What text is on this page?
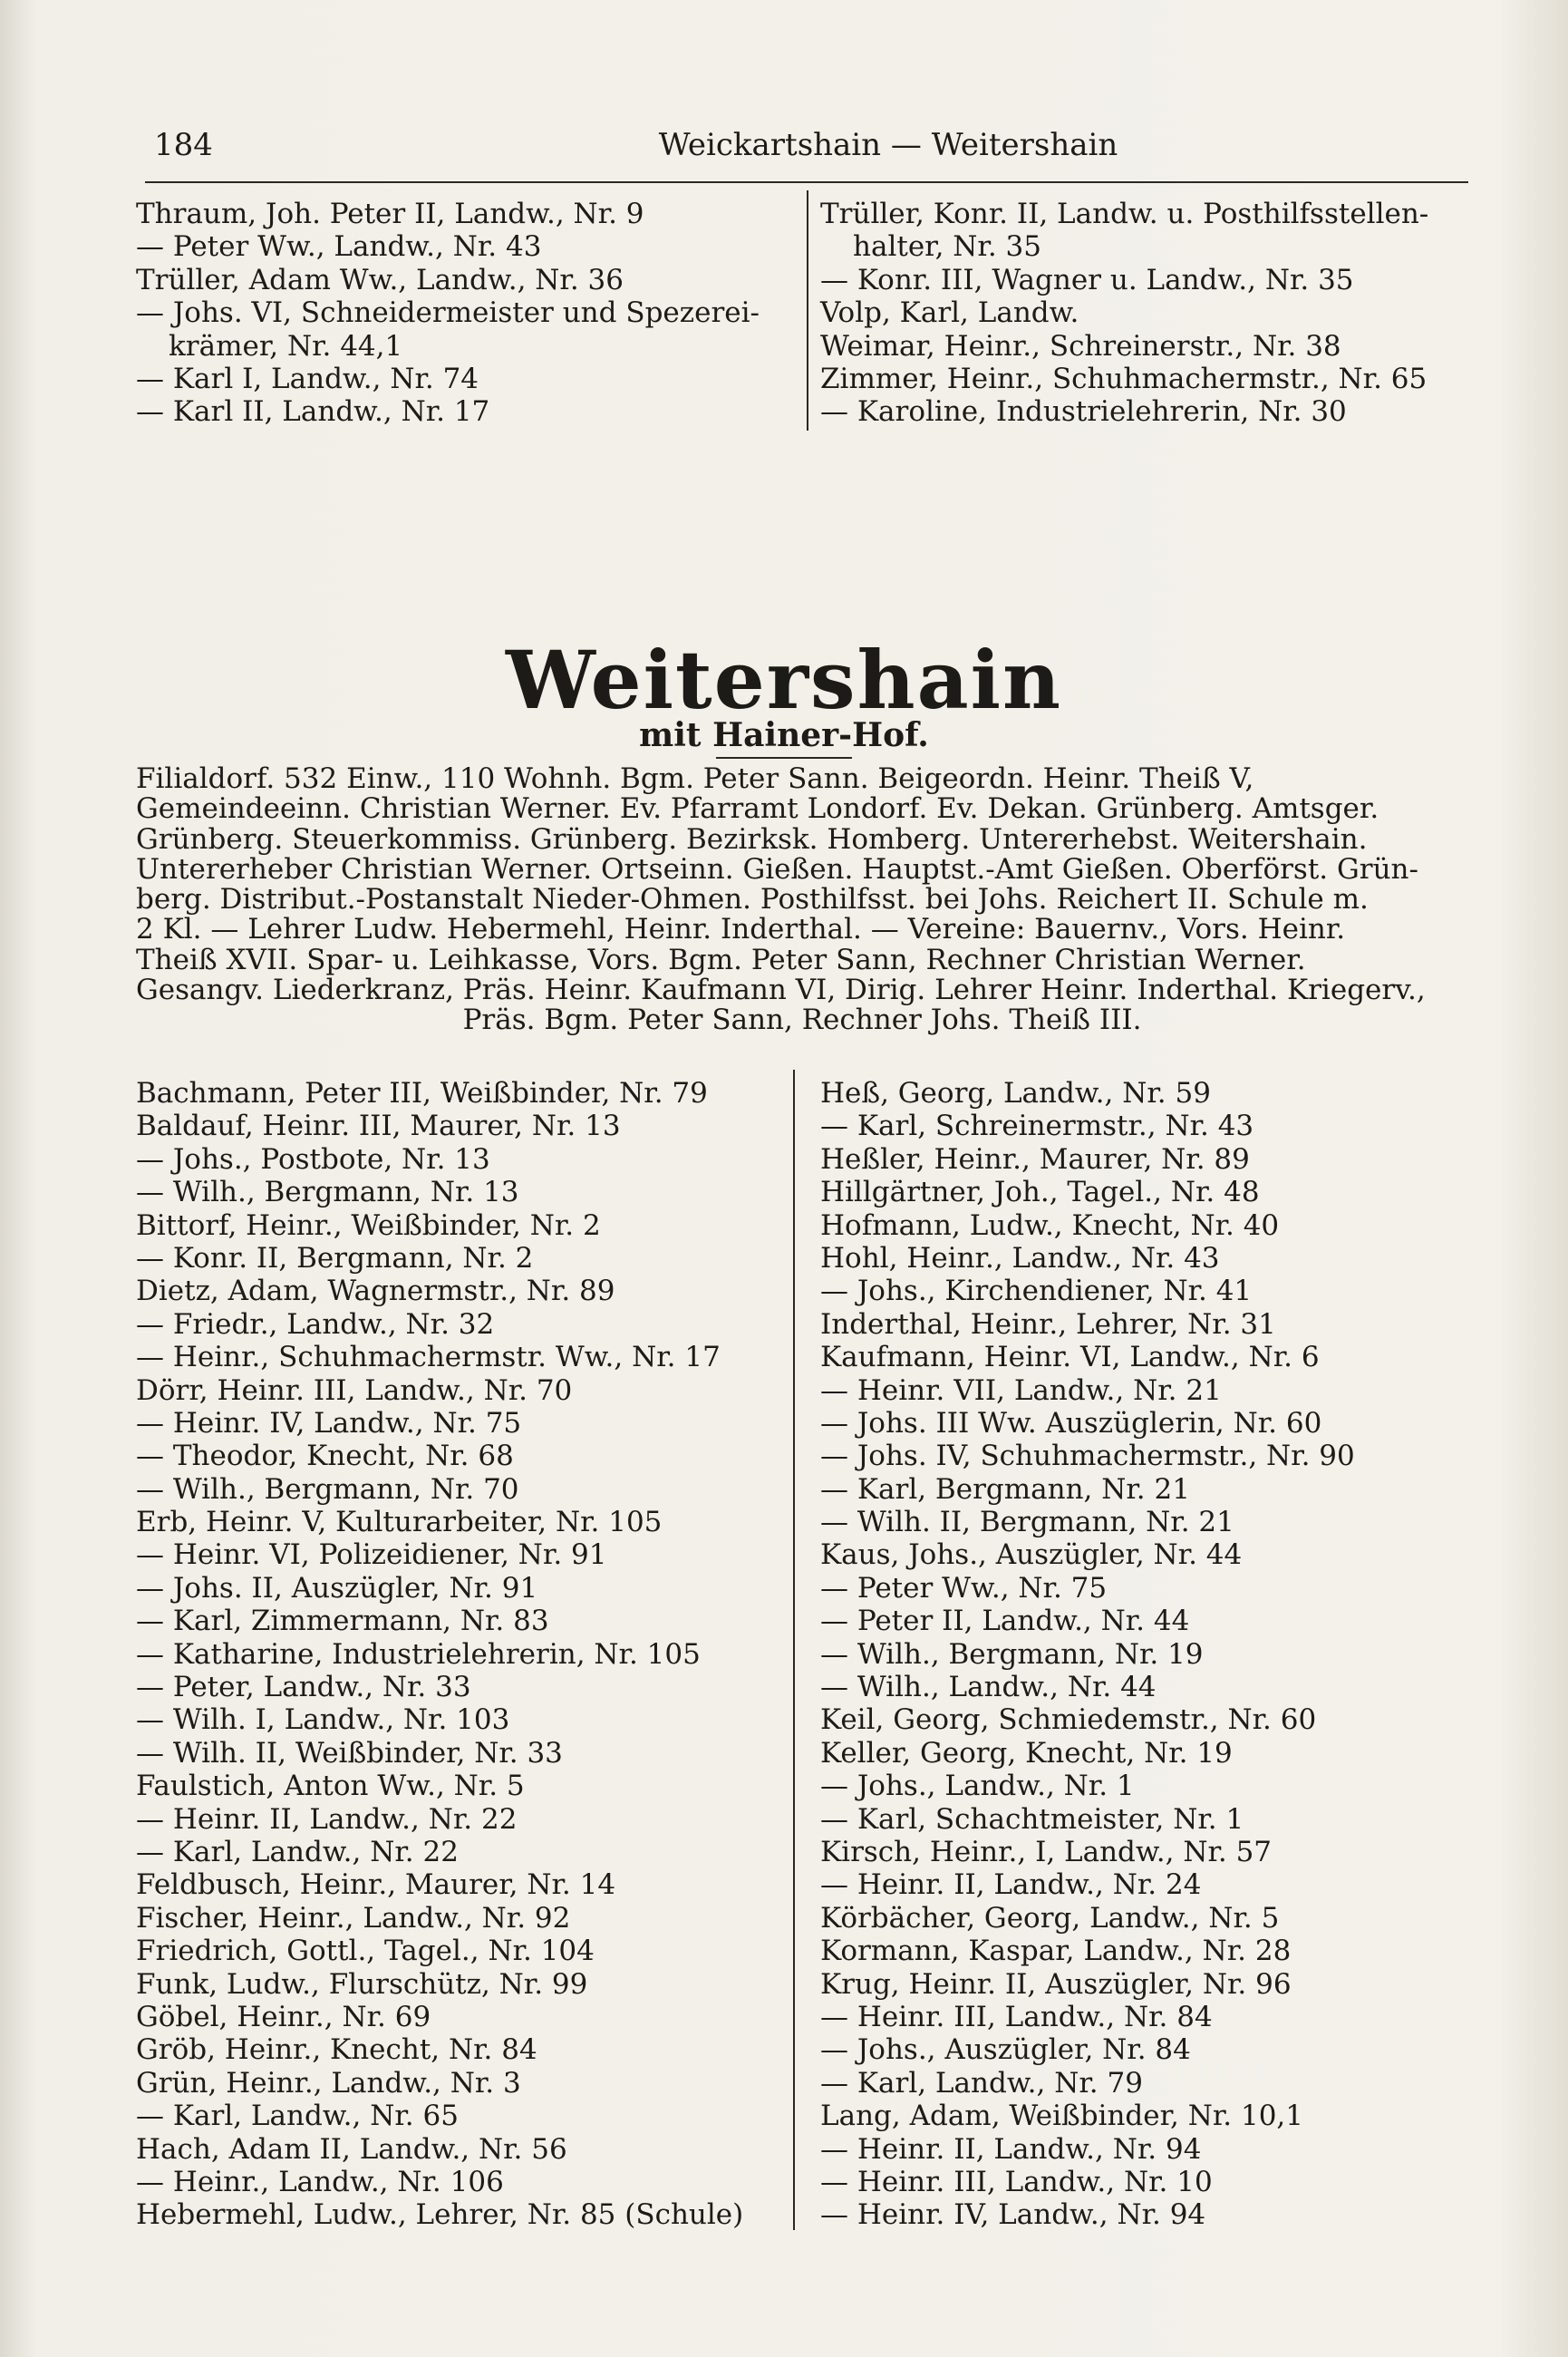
184	Weickartshain — Weitershain
Thraum, Joh. Peter II, Landw., Nr. 9
— Peter Ww., Landw., Nr. 43
Trüller, Adam Ww., Landw., Nr. 36
— Johs. VI, Schneidermeister und Spezerei-
krämer, Nr. 44,1
— Karl I, Landw., Nr. 74
— Karl II, Landw., Nr. 17
Trüller, Konr. II, Landw. u. Posthilfsstellen-
halter, Nr. 35
— Konr. III, Wagner u. Landw., Nr. 35
Volp, Karl, Landw.
Weimar, Heinr., Schreinerstr., Nr. 38
Zimmer, Heinr., Schuhmachermstr., Nr. 65
— Karoline, Industrielehrerin, Nr. 30
Weitershain
mit Hainer-Hof.
Filialdorf. 532 Einw., 110 Wohnh. Bgm. Peter Sann. Beigeordn. Heinr. Theiß V,
Gemeindeeinn. Christian Werner. Ev. Pfarramt Londorf. Ev. Dekan. Grünberg. Amtsger.
Grünberg. Steuerkommiss. Grünberg. Bezirksk. Homberg. Untererhebst. Weitershain.
Untererheber Christian Werner. Ortseinn. Gießen. Hauptst.-Amt Gießen. Oberförst. Grün-
berg. Distribut.-Postanstalt Nieder-Ohmen. Posthilfsst. bei Johs. Reichert II. Schule m.
2 Kl. — Lehrer Ludw. Hebermehl, Heinr. Inderthal. — Vereine: Bauernv., Vors. Heinr.
Theiß XVII. Spar- u. Leihkasse, Vors. Bgm. Peter Sann, Rechner Christian Werner.
Gesangv. Liederkranz, Präs. Heinr. Kaufmann VI, Dirig. Lehrer Heinr. Inderthal. Kriegerv.,
Präs. Bgm. Peter Sann, Rechner Johs. Theiß III.
Bachmann, Peter III, Weißbinder, Nr. 79
Baldauf, Heinr. III, Maurer, Nr. 13
— Johs., Postbote, Nr. 13
— Wilh., Bergmann, Nr. 13
Bittorf, Heinr., Weißbinder, Nr. 2
— Konr. II, Bergmann, Nr. 2
Dietz, Adam, Wagnermstr., Nr. 89
— Friedr., Landw., Nr. 32
— Heinr., Schuhmachermstr. Ww., Nr. 17
Dörr, Heinr. III, Landw., Nr. 70
— Heinr. IV, Landw., Nr. 75
— Theodor, Knecht, Nr. 68
— Wilh., Bergmann, Nr. 70
Erb, Heinr. V, Kulturarbeiter, Nr. 105
— Heinr. VI, Polizeidiener, Nr. 91
— Johs. II, Auszügler, Nr. 91
— Karl, Zimmermann, Nr. 83
— Katharine, Industrielehrerin, Nr. 105
— Peter, Landw., Nr. 33
— Wilh. I, Landw., Nr. 103
— Wilh. II, Weißbinder, Nr. 33
Faulstich, Anton Ww., Nr. 5
— Heinr. II, Landw., Nr. 22
— Karl, Landw., Nr. 22
Feldbusch, Heinr., Maurer, Nr. 14
Fischer, Heinr., Landw., Nr. 92
Friedrich, Gottl., Tagel., Nr. 104
Funk, Ludw., Flurschütz, Nr. 99
Göbel, Heinr., Nr. 69
Gröb, Heinr., Knecht, Nr. 84
Grün, Heinr., Landw., Nr. 3
— Karl, Landw., Nr. 65
Hach, Adam II, Landw., Nr. 56
— Heinr., Landw., Nr. 106
Hebermehl, Ludw., Lehrer, Nr. 85 (Schule)
Heß, Georg, Landw., Nr. 59
— Karl, Schreinermstr., Nr. 43
Heßler, Heinr., Maurer, Nr. 89
Hillgärtner, Joh., Tagel., Nr. 48
Hofmann, Ludw., Knecht, Nr. 40
Hohl, Heinr., Landw., Nr. 43
— Johs., Kirchendiener, Nr. 41
Inderthal, Heinr., Lehrer, Nr. 31
Kaufmann, Heinr. VI, Landw., Nr. 6
— Heinr. VII, Landw., Nr. 21
— Johs. III Ww. Auszüglerin, Nr. 60
— Johs. IV, Schuhmachermstr., Nr. 90
— Karl, Bergmann, Nr. 21
— Wilh. II, Bergmann, Nr. 21
Kaus, Johs., Auszügler, Nr. 44
— Peter Ww., Nr. 75
— Peter II, Landw., Nr. 44
— Wilh., Bergmann, Nr. 19
— Wilh., Landw., Nr. 44
Keil, Georg, Schmiedemstr., Nr. 60
Keller, Georg, Knecht, Nr. 19
— Johs., Landw., Nr. 1
— Karl, Schachtmeister, Nr. 1
Kirsch, Heinr., I, Landw., Nr. 57
— Heinr. II, Landw., Nr. 24
Körbächer, Georg, Landw., Nr. 5
Kormann, Kaspar, Landw., Nr. 28
Krug, Heinr. II, Auszügler, Nr. 96
— Heinr. III, Landw., Nr. 84
— Johs., Auszügler, Nr. 84
— Karl, Landw., Nr. 79
Lang, Adam, Weißbinder, Nr. 10,1
— Heinr. II, Landw., Nr. 94
— Heinr. III, Landw., Nr. 10
— Heinr. IV, Landw., Nr. 94
